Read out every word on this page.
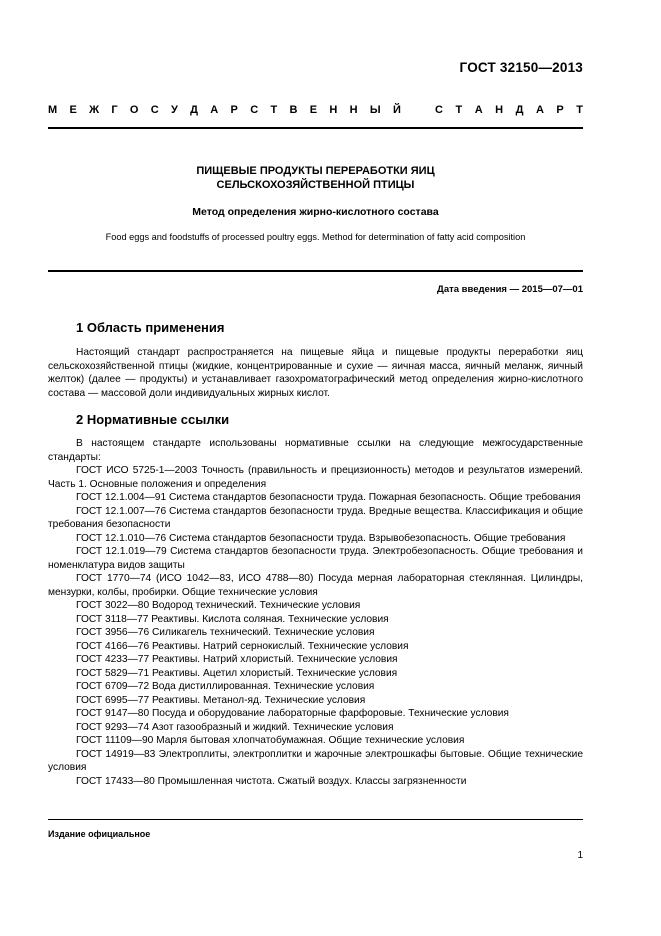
ГОСТ 32150—2013
М Е Ж Г О С У Д А Р С Т В Е Н Н Ы Й	С Т А Н Д А Р Т
ПИЩЕВЫЕ ПРОДУКТЫ ПЕРЕРАБОТКИ ЯИЦ
СЕЛЬСКОХОЗЯЙСТВЕННОЙ ПТИЦЫ
Метод определения жирно-кислотного состава
Food eggs and foodstuffs of processed poultry eggs. Method for determination of fatty acid composition
Дата введения — 2015—07—01
1 Область применения

Настоящий стандарт распространяется на пищевые яйца и пищевые продукты переработки яиц сельскохозяйственной птицы (жидкие, концентрированные и сухие — яичная масса, яичный меланж, яичный желток) (далее — продукты) и устанавливает газохроматографический метод определения жирно-кислотного состава — массовой доли индивидуальных жирных кислот.

2 Нормативные ссылки

В настоящем стандарте использованы нормативные ссылки на следующие межгосударственные стандарты:

ГОСТ ИСО 5725-1—2003 Точность (правильность и прецизионность) методов и результатов измерений. Часть 1. Основные положения и определения

ГОСТ 12.1.004—91 Система стандартов безопасности труда. Пожарная безопасность. Общие требования

ГОСТ 12.1.007—76 Система стандартов безопасности труда. Вредные вещества. Классификация и общие требования безопасности

ГОСТ 12.1.010—76 Система стандартов безопасности труда. Взрывобезопасность. Общие требования

ГОСТ 12.1.019—79 Система стандартов безопасности труда. Электробезопасность. Общие требования и номенклатура видов защиты

ГОСТ 1770—74 (ИСО 1042—83, ИСО 4788—80) Посуда мерная лабораторная стеклянная. Цилиндры, мензурки, колбы, пробирки. Общие технические условия

ГОСТ 3022—80 Водород технический. Технические условия

ГОСТ 3118—77 Реактивы. Кислота соляная. Технические условия

ГОСТ 3956—76 Силикагель технический. Технические условия

ГОСТ 4166—76 Реактивы. Натрий сернокислый. Технические условия

ГОСТ 4233—77 Реактивы. Натрий хлористый. Технические условия

ГОСТ 5829—71 Реактивы. Ацетил хлористый. Технические условия

ГОСТ 6709—72 Вода дистиллированная. Технические условия

ГОСТ 6995—77 Реактивы. Метанол-яд. Технические условия

ГОСТ 9147—80 Посуда и оборудование лабораторные фарфоровые. Технические условия

ГОСТ 9293—74 Азот газообразный и жидкий. Технические условия

ГОСТ 11109—90 Марля бытовая хлопчатобумажная. Общие технические условия

ГОСТ 14919—83 Электроплиты, электроплитки и жарочные электрошкафы бытовые. Общие технические условия

ГОСТ 17433—80 Промышленная чистота. Сжатый воздух. Классы загрязненности

Издание официальное
1
